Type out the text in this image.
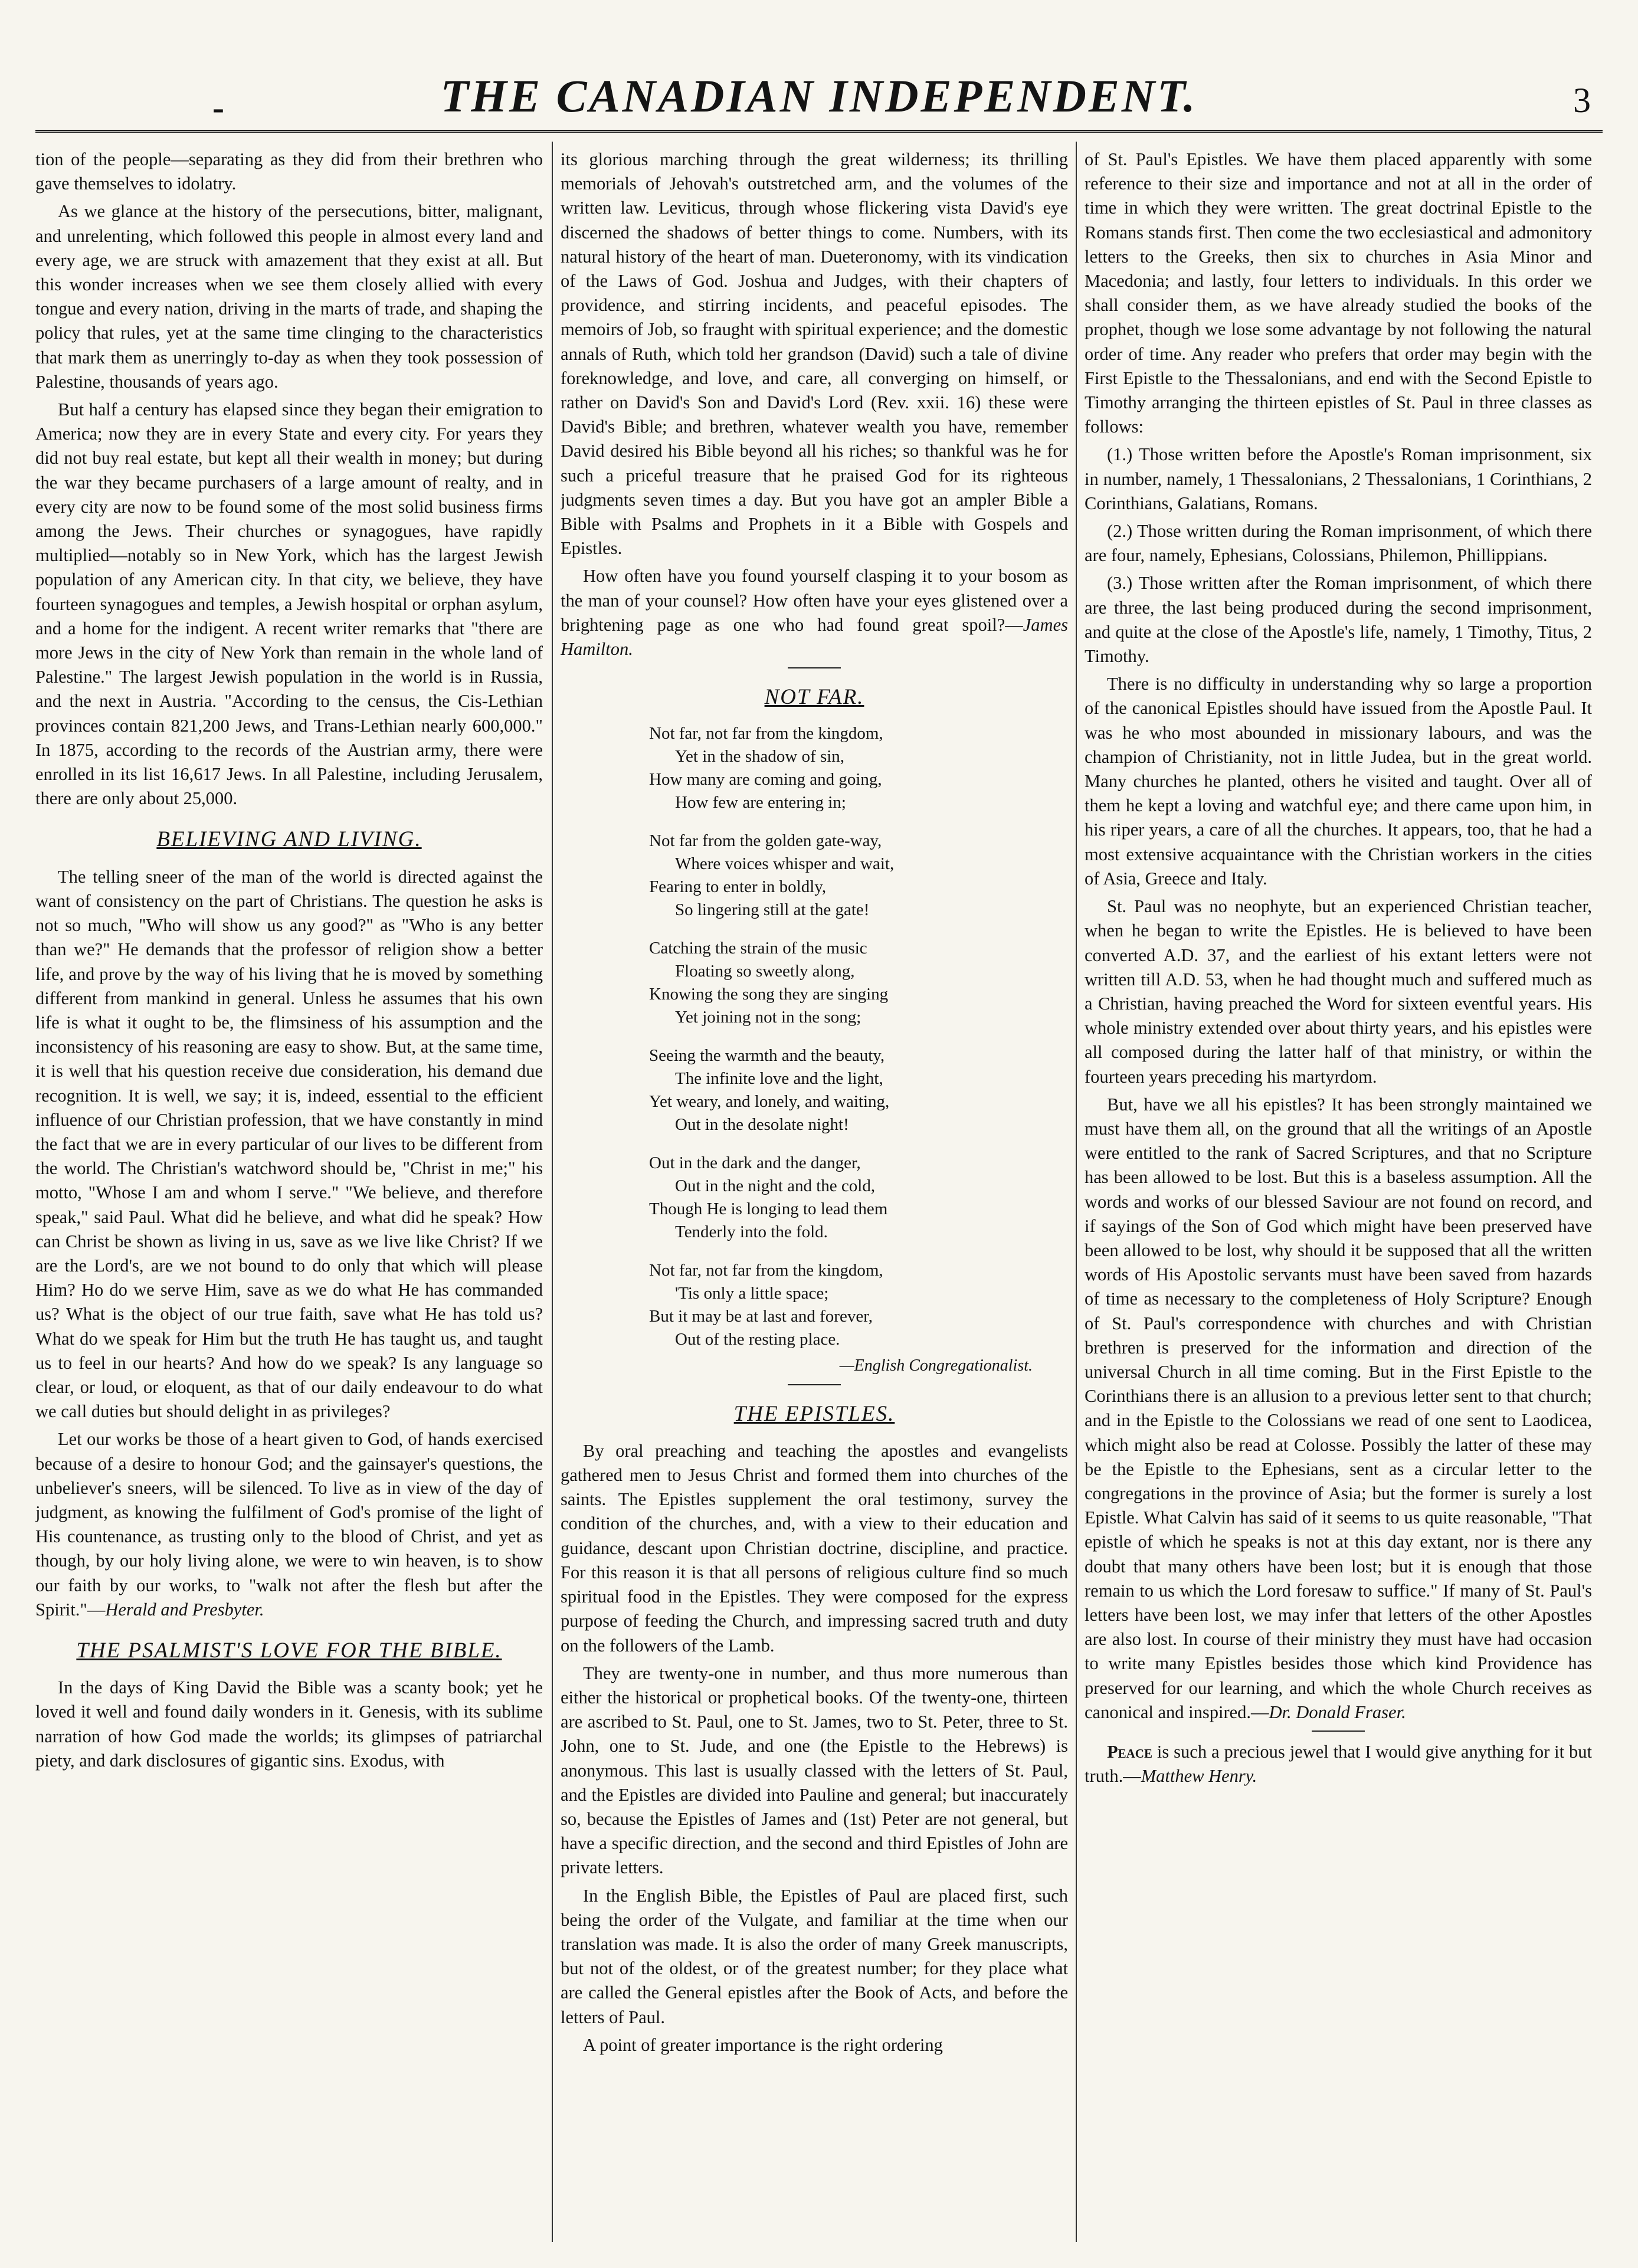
-	THE CANADIAN INDEPENDENT.	3

tion of the people—separating as they did from their brethren who gave themselves to idolatry.

As we glance at the history of the persecutions, bitter, malignant, and unrelenting, which followed this people in almost every land and every age, we are struck with amazement that they exist at all. But this wonder increases when we see them closely allied with every tongue and every nation, driving in the marts of trade, and shaping the policy that rules, yet at the same time clinging to the characteristics that mark them as unerringly to-day as when they took possession of Palestine, thousands of years ago.

But half a century has elapsed since they began their emigration to America; now they are in every State and every city. For years they did not buy real estate, but kept all their wealth in money; but during the war they became purchasers of a large amount of realty, and in every city are now to be found some of the most solid business firms among the Jews. Their churches or synagogues, have rapidly multiplied—notably so in New York, which has the largest Jewish population of any American city. In that city, we believe, they have fourteen synagogues and temples, a Jewish hospital or orphan asylum, and a home for the indigent. A recent writer remarks that "there are more Jews in the city of New York than remain in the whole land of Palestine." The largest Jewish population in the world is in Russia, and the next in Austria. "According to the census, the Cis-Lethian provinces contain 821,200 Jews, and Trans-Lethian nearly 600,000." In 1875, according to the records of the Austrian army, there were enrolled in its list 16,617 Jews. In all Palestine, including Jerusalem, there are only about 25,000.

BELIEVING AND LIVING.

The telling sneer of the man of the world is directed against the want of consistency on the part of Christians. The question he asks is not so much, "Who will show us any good?" as "Who is any better than we?" He demands that the professor of religion show a better life, and prove by the way of his living that he is moved by something different from mankind in general. Unless he assumes that his own life is what it ought to be, the flimsiness of his assumption and the inconsistency of his reasoning are easy to show. But, at the same time, it is well that his question receive due consideration, his demand due recognition. It is well, we say; it is, indeed, essential to the efficient influence of our Christian profession, that we have constantly in mind the fact that we are in every particular of our lives to be different from the world. The Christian's watchword should be, "Christ in me;" his motto, "Whose I am and whom I serve." "We believe, and therefore speak," said Paul. What did he believe, and what did he speak? How can Christ be shown as living in us, save as we live like Christ? If we are the Lord's, are we not bound to do only that which will please Him? Ho do we serve Him, save as we do what He has commanded us? What is the object of our true faith, save what He has told us? What do we speak for Him but the truth He has taught us, and taught us to feel in our hearts? And how do we speak? Is any language so clear, or loud, or eloquent, as that of our daily endeavour to do what we call duties but should delight in as privileges?

Let our works be those of a heart given to God, of hands exercised because of a desire to honour God; and the gainsayer's questions, the unbeliever's sneers, will be silenced. To live as in view of the day of judgment, as knowing the fulfilment of God's promise of the light of His countenance, as trusting only to the blood of Christ, and yet as though, by our holy living alone, we were to win heaven, is to show our faith by our works, to "walk not after the flesh but after the Spirit."—Herald and Presbyter.

THE PSALMIST'S LOVE FOR THE BIBLE.

In the days of King David the Bible was a scanty book; yet he loved it well and found daily wonders in it. Genesis, with its sublime narration of how God made the worlds; its glimpses of patriarchal piety, and dark disclosures of gigantic sins. Exodus, with

its glorious marching through the great wilderness; its thrilling memorials of Jehovah's outstretched arm, and the volumes of the written law. Leviticus, through whose flickering vista David's eye discerned the shadows of better things to come. Numbers, with its natural history of the heart of man. Dueteronomy, with its vindication of the Laws of God. Joshua and Judges, with their chapters of providence, and stirring incidents, and peaceful episodes. The memoirs of Job, so fraught with spiritual experience; and the domestic annals of Ruth, which told her grandson (David) such a tale of divine foreknowledge, and love, and care, all converging on himself, or rather on David's Son and David's Lord (Rev. xxii. 16) these were David's Bible; and brethren, whatever wealth you have, remember David desired his Bible beyond all his riches; so thankful was he for such a priceful treasure that he praised God for its righteous judgments seven times a day. But you have got an ampler Bible a Bible with Psalms and Prophets in it a Bible with Gospels and Epistles.

How often have you found yourself clasping it to your bosom as the man of your counsel? How often have your eyes glistened over a brightening page as one who had found great spoil?—James Hamilton.

NOT FAR.
Not far, not far from the kingdom,
Yet in the shadow of sin,
How many are coming and going,
How few are entering in;
Not far from the golden gate-way,
Where voices whisper and wait,
Fearing to enter in boldly,
So lingering still at the gate!
Catching the strain of the music
Floating so sweetly along,
Knowing the song they are singing
Yet joining not in the song;
Seeing the warmth and the beauty,
The infinite love and the light,
Yet weary, and lonely, and waiting,
Out in the desolate night!
Out in the dark and the danger,
Out in the night and the cold,
Though He is longing to lead them
Tenderly into the fold.
Not far, not far from the kingdom,
'Tis only a little space;
But it may be at last and forever,
Out of the resting place.
—English Congregationalist.
THE EPISTLES.

By oral preaching and teaching the apostles and evangelists gathered men to Jesus Christ and formed them into churches of the saints. The Epistles supplement the oral testimony, survey the condition of the churches, and, with a view to their education and guidance, descant upon Christian doctrine, discipline, and practice. For this reason it is that all persons of religious culture find so much spiritual food in the Epistles. They were composed for the express purpose of feeding the Church, and impressing sacred truth and duty on the followers of the Lamb.

They are twenty-one in number, and thus more numerous than either the historical or prophetical books. Of the twenty-one, thirteen are ascribed to St. Paul, one to St. James, two to St. Peter, three to St. John, one to St. Jude, and one (the Epistle to the Hebrews) is anonymous. This last is usually classed with the letters of St. Paul, and the Epistles are divided into Pauline and general; but inaccurately so, because the Epistles of James and (1st) Peter are not general, but have a specific direction, and the second and third Epistles of John are private letters.

In the English Bible, the Epistles of Paul are placed first, such being the order of the Vulgate, and familiar at the time when our translation was made. It is also the order of many Greek manuscripts, but not of the oldest, or of the greatest number; for they place what are called the General epistles after the Book of Acts, and before the letters of Paul.

A point of greater importance is the right ordering

of St. Paul's Epistles. We have them placed apparently with some reference to their size and importance and not at all in the order of time in which they were written. The great doctrinal Epistle to the Romans stands first. Then come the two ecclesiastical and admonitory letters to the Greeks, then six to churches in Asia Minor and Macedonia; and lastly, four letters to individuals. In this order we shall consider them, as we have already studied the books of the prophet, though we lose some advantage by not following the natural order of time. Any reader who prefers that order may begin with the First Epistle to the Thessalonians, and end with the Second Epistle to Timothy arranging the thirteen epistles of St. Paul in three classes as follows:

(1.) Those written before the Apostle's Roman imprisonment, six in number, namely, 1 Thessalonians, 2 Thessalonians, 1 Corinthians, 2 Corinthians, Galatians, Romans.

(2.) Those written during the Roman imprisonment, of which there are four, namely, Ephesians, Colossians, Philemon, Phillippians.

(3.) Those written after the Roman imprisonment, of which there are three, the last being produced during the second imprisonment, and quite at the close of the Apostle's life, namely, 1 Timothy, Titus, 2 Timothy.

There is no difficulty in understanding why so large a proportion of the canonical Epistles should have issued from the Apostle Paul. It was he who most abounded in missionary labours, and was the champion of Christianity, not in little Judea, but in the great world. Many churches he planted, others he visited and taught. Over all of them he kept a loving and watchful eye; and there came upon him, in his riper years, a care of all the churches. It appears, too, that he had a most extensive acquaintance with the Christian workers in the cities of Asia, Greece and Italy.

St. Paul was no neophyte, but an experienced Christian teacher, when he began to write the Epistles. He is believed to have been converted A.D. 37, and the earliest of his extant letters were not written till A.D. 53, when he had thought much and suffered much as a Christian, having preached the Word for sixteen eventful years. His whole ministry extended over about thirty years, and his epistles were all composed during the latter half of that ministry, or within the fourteen years preceding his martyrdom.

But, have we all his epistles? It has been strongly maintained we must have them all, on the ground that all the writings of an Apostle were entitled to the rank of Sacred Scriptures, and that no Scripture has been allowed to be lost. But this is a baseless assumption. All the words and works of our blessed Saviour are not found on record, and if sayings of the Son of God which might have been preserved have been allowed to be lost, why should it be supposed that all the written words of His Apostolic servants must have been saved from hazards of time as necessary to the completeness of Holy Scripture? Enough of St. Paul's correspondence with churches and with Christian brethren is preserved for the information and direction of the universal Church in all time coming. But in the First Epistle to the Corinthians there is an allusion to a previous letter sent to that church; and in the Epistle to the Colossians we read of one sent to Laodicea, which might also be read at Colosse. Possibly the latter of these may be the Epistle to the Ephesians, sent as a circular letter to the congregations in the province of Asia; but the former is surely a lost Epistle. What Calvin has said of it seems to us quite reasonable, "That epistle of which he speaks is not at this day extant, nor is there any doubt that many others have been lost; but it is enough that those remain to us which the Lord foresaw to suffice." If many of St. Paul's letters have been lost, we may infer that letters of the other Apostles are also lost. In course of their ministry they must have had occasion to write many Epistles besides those which kind Providence has preserved for our learning, and which the whole Church receives as canonical and inspired.—Dr. Donald Fraser.

Peace is such a precious jewel that I would give anything for it but truth.—Matthew Henry.
